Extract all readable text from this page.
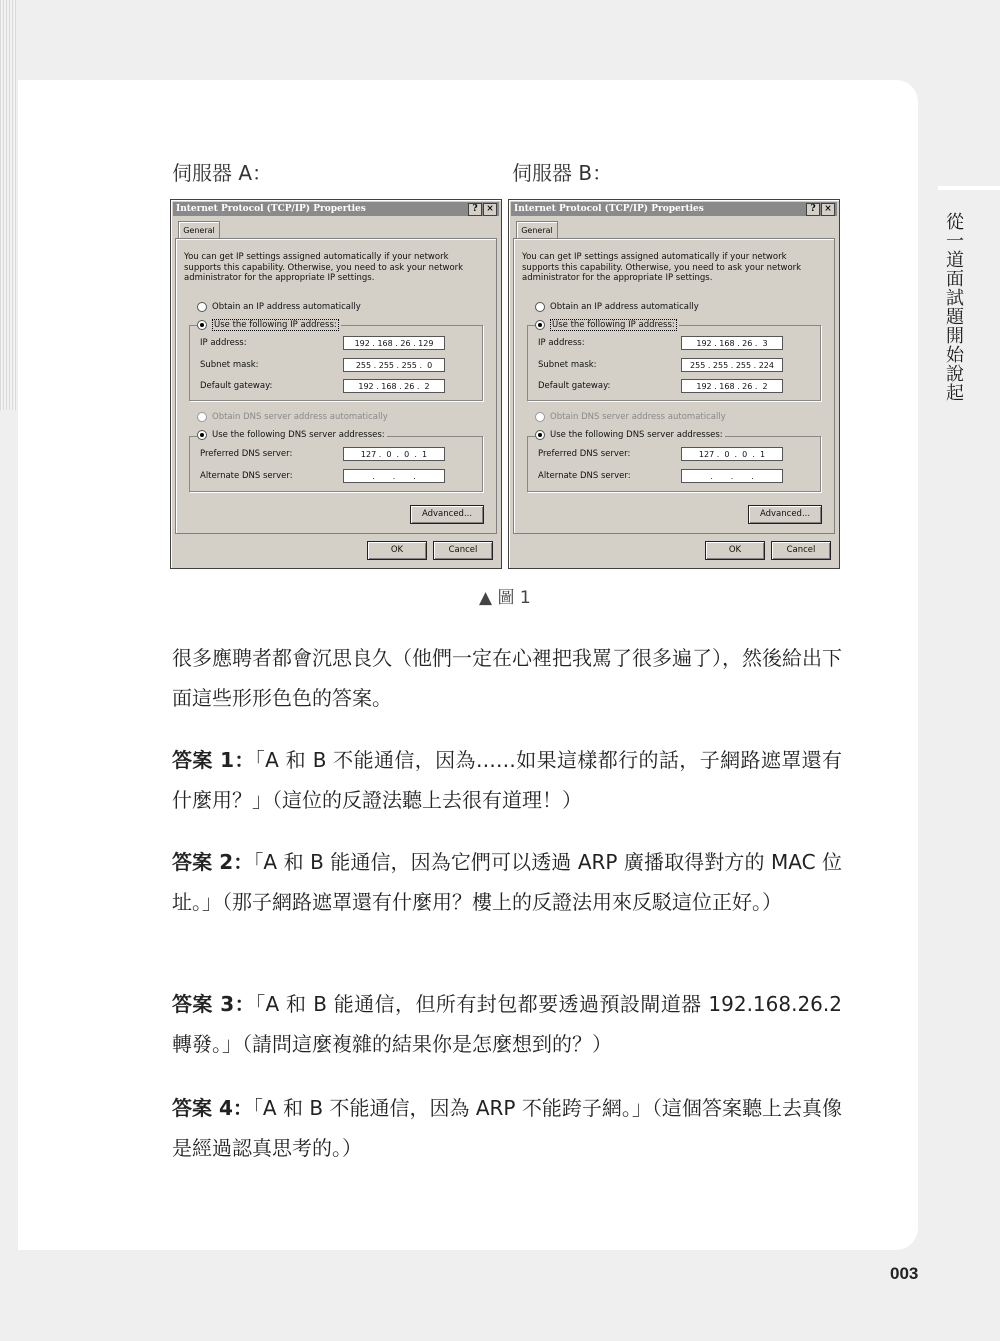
從一道面試題開始說起
003
伺服器 A：	伺服器 B：
Internet Protocol (TCP/IP) Properties	? ×
General
You can get IP settings assigned automatically if your network supports this capability. Otherwise, you need to ask your network administrator for the appropriate IP settings.
Obtain an IP address automatically
Use the following IP address:
IP address:	192 . 168 . 26 . 129
Subnet mask:	255 . 255 . 255 .  0
Default gateway:	192 . 168 . 26 .  2
Obtain DNS server address automatically
Use the following DNS server addresses:
Preferred DNS server:	127 .  0  .  0  .  1
Alternate DNS server:	.       .       .
Advanced...
OK	Cancel
Internet Protocol (TCP/IP) Properties	? ×
General
You can get IP settings assigned automatically if your network supports this capability. Otherwise, you need to ask your network administrator for the appropriate IP settings.
Obtain an IP address automatically
Use the following IP address:
IP address:	192 . 168 . 26 .  3
Subnet mask:	255 . 255 . 255 . 224
Default gateway:	192 . 168 . 26 .  2
Obtain DNS server address automatically
Use the following DNS server addresses:
Preferred DNS server:	127 .  0  .  0  .  1
Alternate DNS server:	.       .       .
Advanced...
OK	Cancel
▲ 圖 1
很多應聘者都會沉思良久（他們一定在心裡把我罵了很多遍了），然後給出下面這些形形色色的答案。
答案 1：「A 和 B 不能通信，因為……如果這樣都行的話，子網路遮罩還有什麼用？」（這位的反證法聽上去很有道理！）
答案 2：「A 和 B 能通信，因為它們可以透過 ARP 廣播取得對方的 MAC 位址。」（那子網路遮罩還有什麼用？樓上的反證法用來反駁這位正好。）
答案 3：「A 和 B 能通信，但所有封包都要透過預設閘道器 192.168.26.2 轉發。」（請問這麼複雜的結果你是怎麼想到的？）
答案 4：「A 和 B 不能通信，因為 ARP 不能跨子網。」（這個答案聽上去真像是經過認真思考的。）
